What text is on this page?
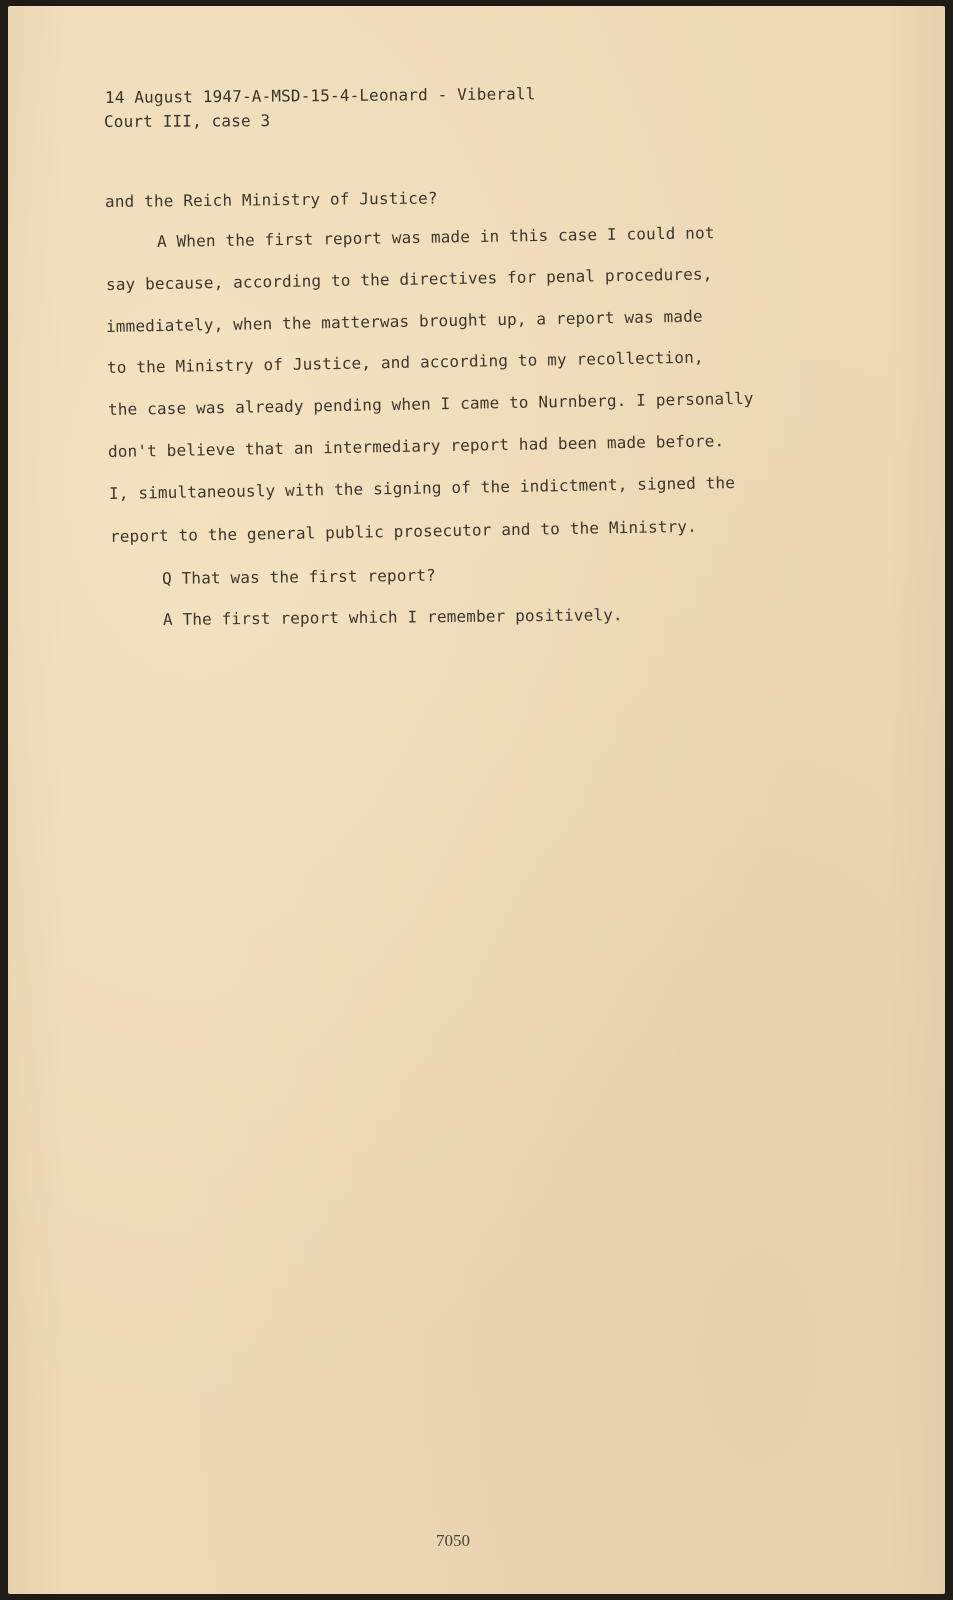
14 August 1947-A-MSD-15-4-Leonard - Viberall
Court III, case 3
and the Reich Ministry of Justice?
A When the first report was made in this case I could not
say because, according to the directives for penal procedures,
immediately, when the matterwas brought up, a report was made
to the Ministry of Justice, and according to my recollection,
the case was already pending when I came to Nurnberg. I personally
don't believe that an intermediary report had been made before.
I, simultaneously with the signing of the indictment, signed the
report to the general public prosecutor and to the Ministry.
Q That was the first report?
A The first report which I remember positively.
7050
